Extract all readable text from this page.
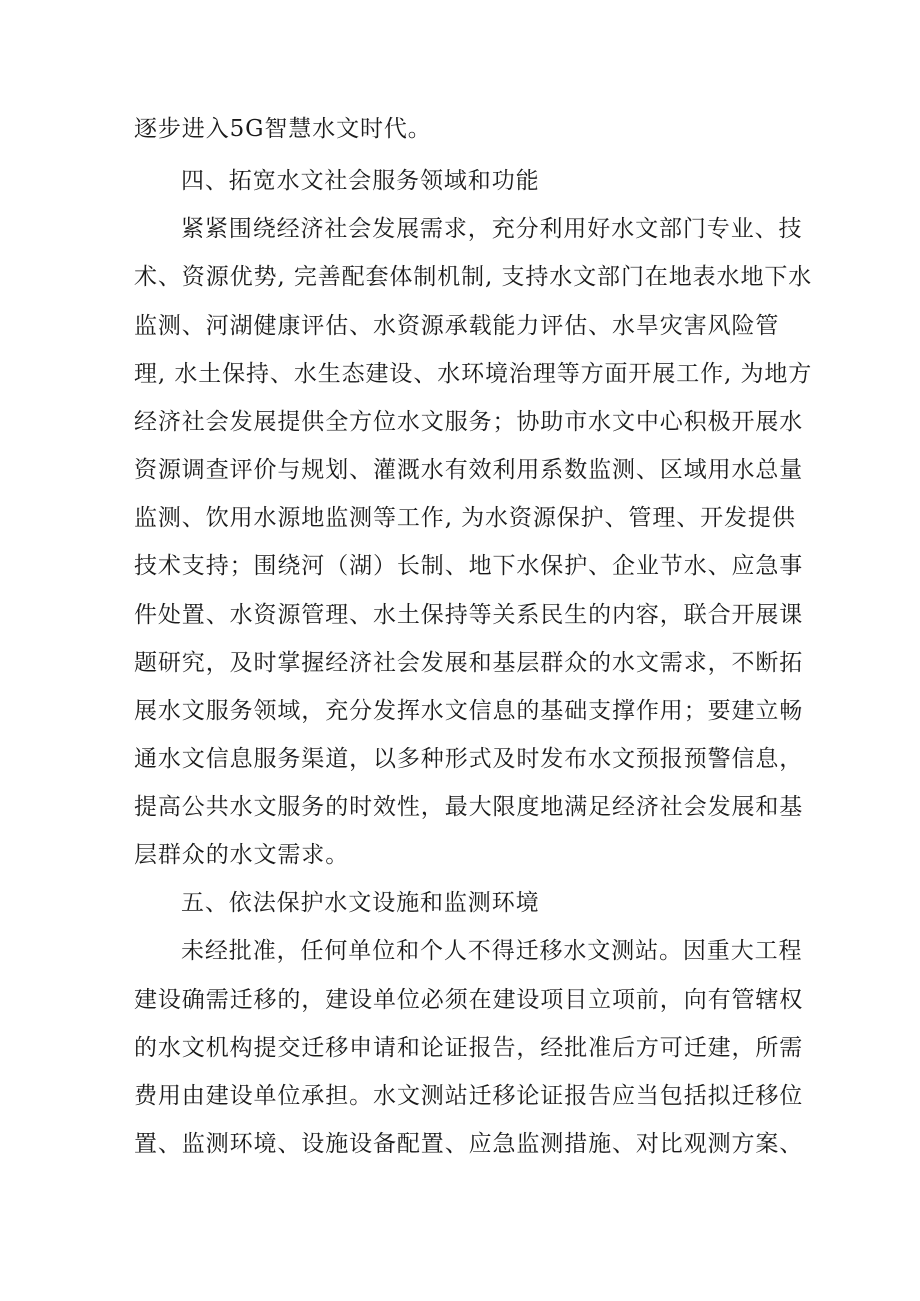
逐步进入5G智慧水文时代。

四、拓宽水文社会服务领域和功能

紧紧围绕经济社会发展需求，充分利用好水文部门专业、技

术、资源优势, 完善配套体制机制, 支持水文部门在地表水地下水

监测、河湖健康评估、水资源承载能力评估、水旱灾害风险管

理, 水土保持、水生态建设、水环境治理等方面开展工作, 为地方

经济社会发展提供全方位水文服务；协助市水文中心积极开展水

资源调查评价与规划、灌溉水有效利用系数监测、区域用水总量

监测、饮用水源地监测等工作, 为水资源保护、管理、开发提供

技术支持；围绕河（湖）长制、地下水保护、企业节水、应急事

件处置、水资源管理、水土保持等关系民生的内容，联合开展课

题研究，及时掌握经济社会发展和基层群众的水文需求，不断拓

展水文服务领域，充分发挥水文信息的基础支撑作用；要建立畅

通水文信息服务渠道，以多种形式及时发布水文预报预警信息，

提高公共水文服务的时效性，最大限度地满足经济社会发展和基

层群众的水文需求。

五、依法保护水文设施和监测环境

未经批准，任何单位和个人不得迁移水文测站。因重大工程

建设确需迁移的，建设单位必须在建设项目立项前，向有管辖权

的水文机构提交迁移申请和论证报告，经批准后方可迁建，所需

费用由建设单位承担。水文测站迁移论证报告应当包括拟迁移位

置、监测环境、设施设备配置、应急监测措施、对比观测方案、
